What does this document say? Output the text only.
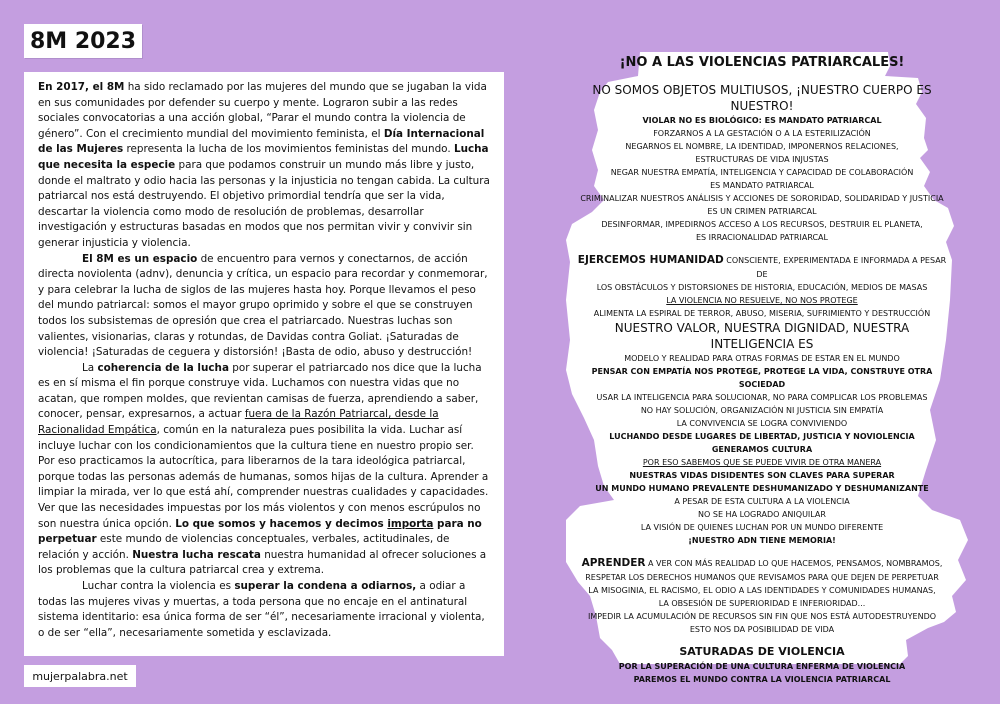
8M 2023

En 2017, el 8M ha sido reclamado por las mujeres del mundo que se jugaban la vida en sus comunidades por defender su cuerpo y mente. Lograron subir a las redes sociales convocatorias a una acción global, “Parar el mundo contra la violencia de género”. Con el crecimiento mundial del movimiento feminista, el Día Internacional de las Mujeres representa la lucha de los movimientos feministas del mundo. Lucha que necesita la especie para que podamos construir un mundo más libre y justo, donde el maltrato y odio hacia las personas y la injusticia no tengan cabida. La cultura patriarcal nos está destruyendo. El objetivo primordial tendría que ser la vida, descartar la violencia como modo de resolución de problemas, desarrollar investigación y estructuras basadas en modos que nos permitan vivir y convivir sin generar injusticia y violencia.

El 8M es un espacio de encuentro para vernos y conectarnos, de acción directa noviolenta (adnv), denuncia y crítica, un espacio para recordar y conmemorar, y para celebrar la lucha de siglos de las mujeres hasta hoy. Porque llevamos el peso del mundo patriarcal: somos el mayor grupo oprimido y sobre el que se construyen todos los subsistemas de opresión que crea el patriarcado. Nuestras luchas son valientes, visionarias, claras y rotundas, de Davidas contra Goliat. ¡Saturadas de violencia! ¡Saturadas de ceguera y distorsión! ¡Basta de odio, abuso y destrucción!

La coherencia de la lucha por superar el patriarcado nos dice que la lucha es en sí misma el fin porque construye vida. Luchamos con nuestra vidas que no acatan, que rompen moldes, que revientan camisas de fuerza, aprendiendo a saber, conocer, pensar, expresarnos, a actuar fuera de la Razón Patriarcal, desde la Racionalidad Empática, común en la naturaleza pues posibilita la vida. Luchar así incluye luchar con los condicionamientos que la cultura tiene en nuestro propio ser. Por eso practicamos la autocrítica, para liberarnos de la tara ideológica patriarcal, porque todas las personas además de humanas, somos hijas de la cultura. Aprender a limpiar la mirada, ver lo que está ahí, comprender nuestras cualidades y capacidades. Ver que las necesidades impuestas por los más violentos y con menos escrúpulos no son nuestra única opción. Lo que somos y hacemos y decimos importa para no perpetuar este mundo de violencias conceptuales, verbales, actitudinales, de relación y acción. Nuestra lucha rescata nuestra humanidad al ofrecer soluciones a los problemas que la cultura patriarcal crea y extrema.

Luchar contra la violencia es superar la condena a odiarnos, a odiar a todas las mujeres vivas y muertas, a toda persona que no encaje en el antinatural sistema identitario: esa única forma de ser “él”, necesariamente irracional y violenta, o de ser “ella”, necesariamente sometida y esclavizada.

mujerpalabra.net
¡NO A LAS VIOLENCIAS PATRIARCALES!
NO SOMOS OBJETOS MULTIUSOS, ¡NUESTRO CUERPO ES NUESTRO!
VIOLAR NO ES BIOLÓGICO: ES MANDATO PATRIARCAL
FORZARNOS A LA GESTACIÓN O A LA ESTERILIZACIÓN
NEGARNOS EL NOMBRE, LA IDENTIDAD, IMPONERNOS RELACIONES,
ESTRUCTURAS DE VIDA INJUSTAS
NEGAR NUESTRA EMPATÍA, INTELIGENCIA Y CAPACIDAD DE COLABORACIÓN
ES MANDATO PATRIARCAL
CRIMINALIZAR NUESTROS ANÁLISIS Y ACCIONES DE SORORIDAD, SOLIDARIDAD Y JUSTICIA
ES UN CRIMEN PATRIARCAL
DESINFORMAR, IMPEDIRNOS ACCESO A LOS RECURSOS, DESTRUIR EL PLANETA,
ES IRRACIONALIDAD PATRIARCAL
EJERCEMOS HUMANIDAD CONSCIENTE, EXPERIMENTADA E INFORMADA A PESAR DE
LOS OBSTÁCULOS Y DISTORSIONES DE HISTORIA, EDUCACIÓN, MEDIOS DE MASAS
LA VIOLENCIA NO RESUELVE, NO NOS PROTEGE
ALIMENTA LA ESPIRAL DE TERROR, ABUSO, MISERIA, SUFRIMIENTO Y DESTRUCCIÓN
NUESTRO VALOR, NUESTRA DIGNIDAD, NUESTRA INTELIGENCIA ES
MODELO Y REALIDAD PARA OTRAS FORMAS DE ESTAR EN EL MUNDO
PENSAR CON EMPATÍA NOS PROTEGE, PROTEGE LA VIDA, CONSTRUYE OTRA SOCIEDAD
USAR LA INTELIGENCIA PARA SOLUCIONAR, NO PARA COMPLICAR LOS PROBLEMAS
NO HAY SOLUCIÓN, ORGANIZACIÓN NI JUSTICIA SIN EMPATÍA
LA CONVIVENCIA SE LOGRA CONVIVIENDO
LUCHANDO DESDE LUGARES DE LIBERTAD, JUSTICIA Y NOVIOLENCIA
GENERAMOS CULTURA
POR ESO SABEMOS QUE SE PUEDE VIVIR DE OTRA MANERA
NUESTRAS VIDAS DISIDENTES SON CLAVES PARA SUPERAR
UN MUNDO HUMANO PREVALENTE DESHUMANIZADO Y DESHUMANIZANTE
A PESAR DE ESTA CULTURA A LA VIOLENCIA
NO SE HA LOGRADO ANIQUILAR
LA VISIÓN DE QUIENES LUCHAN POR UN MUNDO DIFERENTE
¡NUESTRO ADN TIENE MEMORIA!
APRENDER A VER CON MÁS REALIDAD LO QUE HACEMOS, PENSAMOS, NOMBRAMOS,
RESPETAR LOS DERECHOS HUMANOS QUE REVISAMOS PARA QUE DEJEN DE PERPETUAR
LA MISOGINIA, EL RACISMO, EL ODIO A LAS IDENTIDADES Y COMUNIDADES HUMANAS,
LA OBSESIÓN DE SUPERIORIDAD E INFERIORIDAD...
IMPEDIR LA ACUMULACIÓN DE RECURSOS SIN FIN QUE NOS ESTÁ AUTODESTRUYENDO
ESTO NOS DA POSIBILIDAD DE VIDA
SATURADAS DE VIOLENCIA
POR LA SUPERACIÓN DE UNA CULTURA ENFERMA DE VIOLENCIA
PAREMOS EL MUNDO CONTRA LA VIOLENCIA PATRIARCAL
